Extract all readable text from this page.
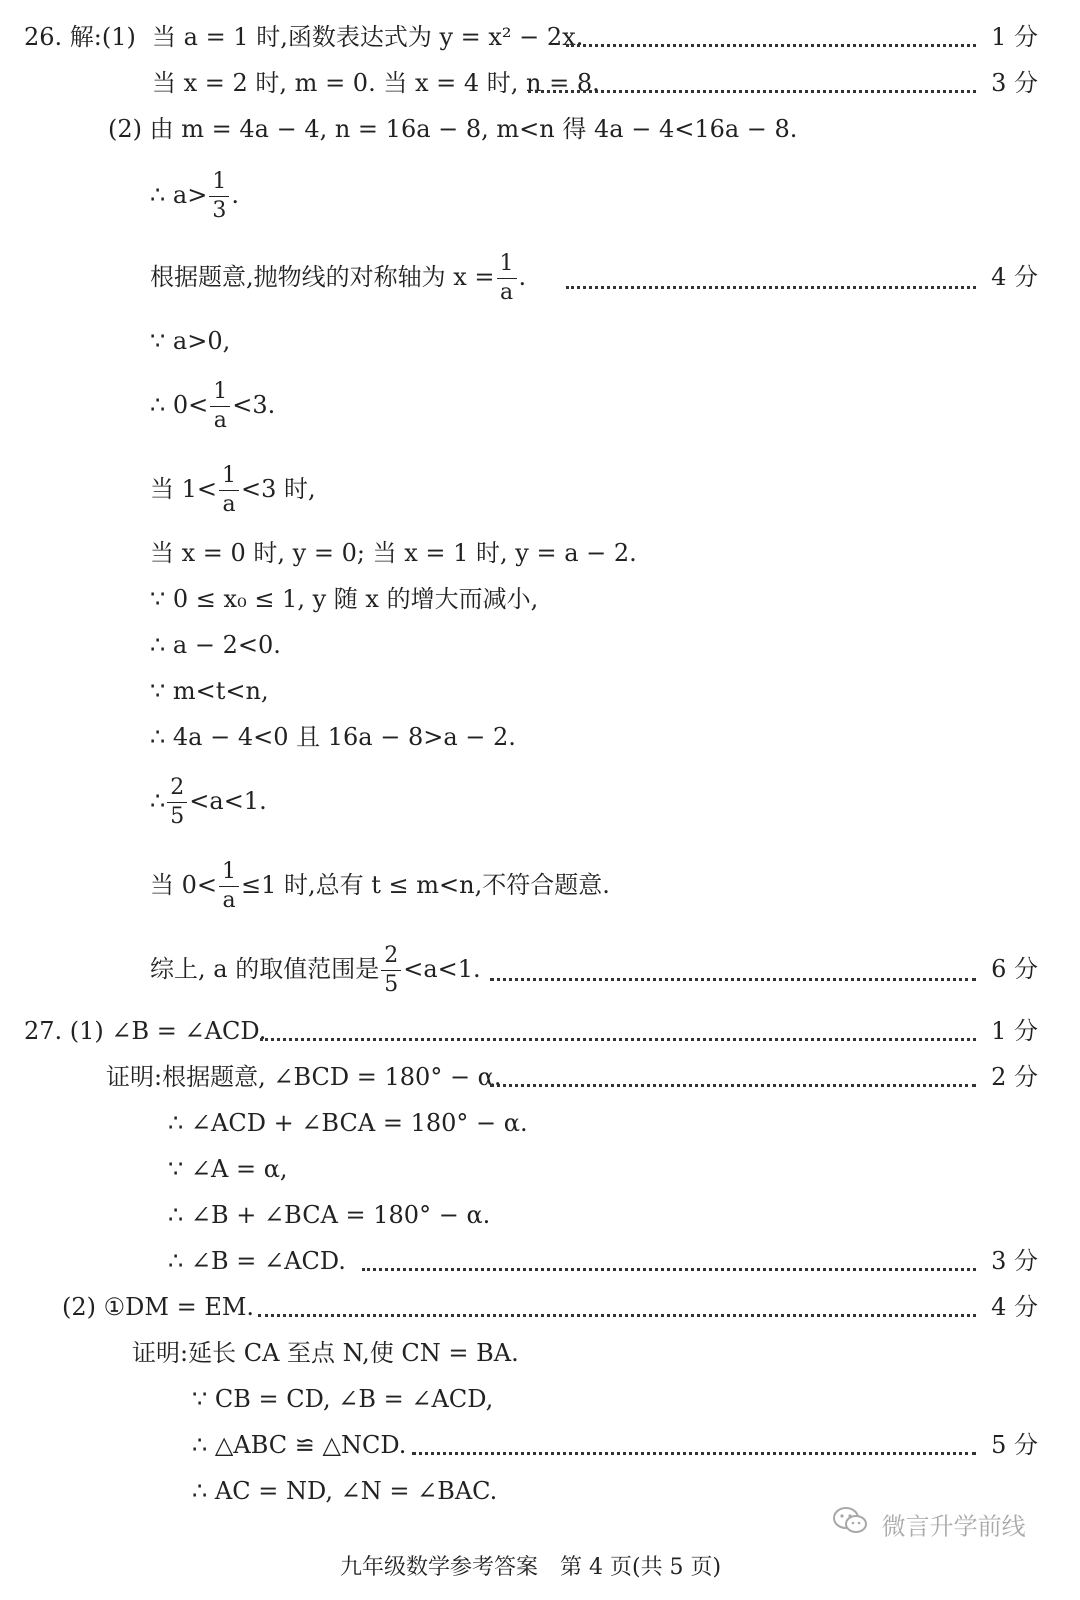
26. 解:(1) 当 a = 1 时,函数表达式为 y = x² − 2x.	1 分
当 x = 2 时, m = 0. 当 x = 4 时, n = 8.	3 分
(2) 由 m = 4a − 4, n = 16a − 8, m<n 得 4a − 4<16a − 8.
∴ $a> \frac{1}{3}$ .
根据题意,抛物线的对称轴为 $x = \frac{1}{a}$ .	4 分
∵ a>0,
∴ $0< \frac{1}{a} <3$.
当 $1< \frac{1}{a} <3$ 时,
当 x = 0 时, y = 0; 当 x = 1 时, y = a − 2.
∵ 0 ≤ x₀ ≤ 1, y 随 x 的增大而减小,
∴ a − 2<0.
∵ m<t<n,
∴ 4a − 4<0 且 16a − 8>a − 2.
∴ $\frac{2}{5} <a<1$.
当 $0< \frac{1}{a} \le 1$ 时,总有 t ≤ m<n,不符合题意.
综上, a 的取值范围是 $\frac{2}{5} <a<1$.	6 分
27. (1) ∠B = ∠ACD.	1 分
证明:根据题意, ∠BCD = 180° − α.	2 分
∴ ∠ACD + ∠BCA = 180° − α.
∵ ∠A = α,
∴ ∠B + ∠BCA = 180° − α.
∴ ∠B = ∠ACD.	3 分
(2) ①DM = EM.	4 分
证明:延长 CA 至点 N,使 CN = BA.
∵ CB = CD, ∠B = ∠ACD,
∴ △ABC ≌ △NCD.	5 分
∴ AC = ND, ∠N = ∠BAC.
微言升学前线
九年级数学参考答案　第 4 页(共 5 页)
